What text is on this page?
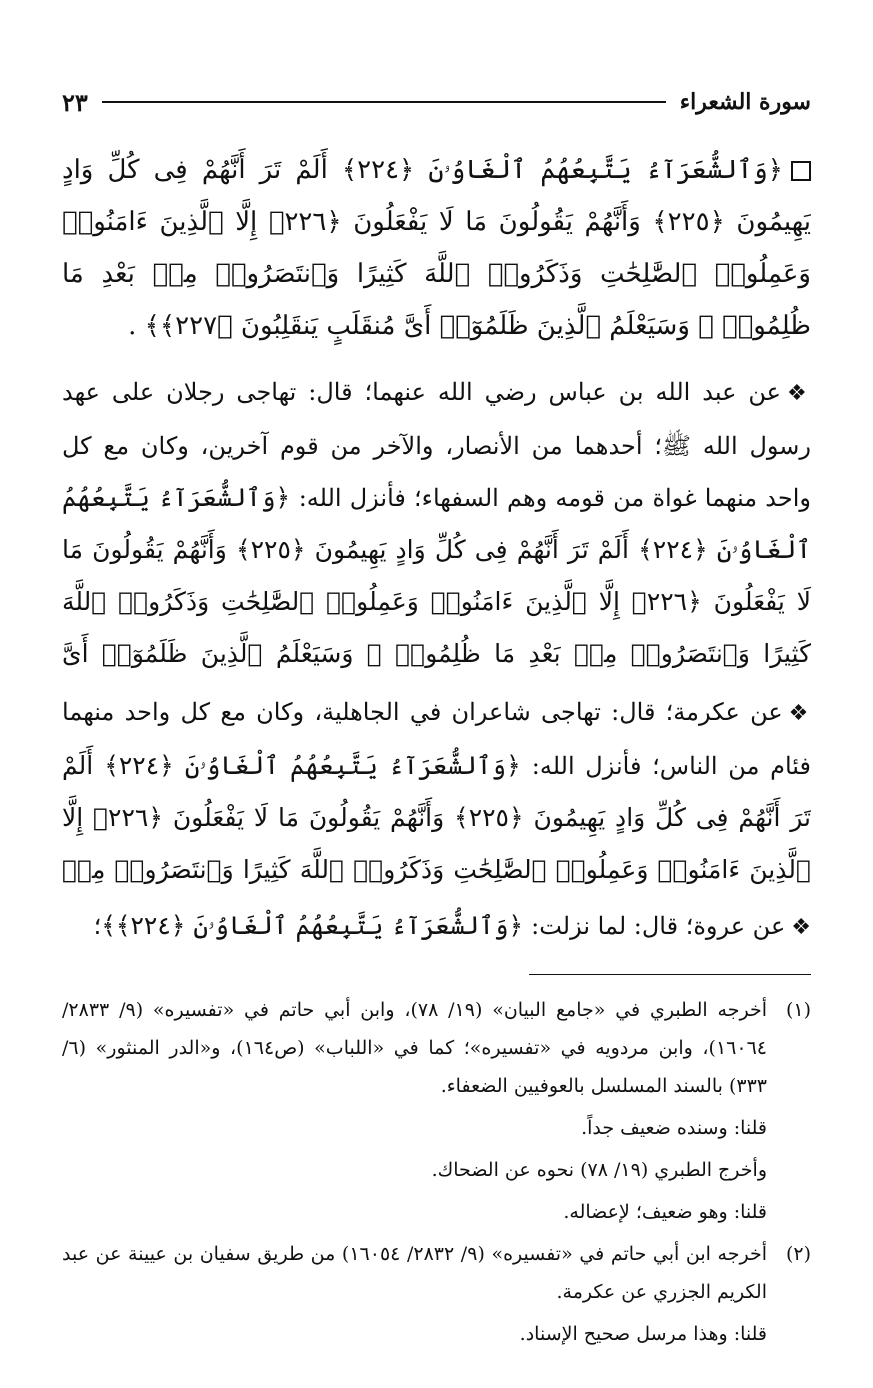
سورة الشعراء
٢٣
﴿وَٱلشُّعَرَآءُ يَتَّبِعُهُمُ ٱلْغَاوُۥنَ ﴿٢٢٤﴾ أَلَمْ تَرَ أَنَّهُمْ فِى كُلِّ وَادٍ يَهِيمُونَ ﴿٢٢٥﴾ وَأَنَّهُمْ يَقُولُونَ مَا لَا يَفْعَلُونَ ﴿٢٢٦﴾ إِلَّا ٱلَّذِينَ ءَامَنُوا۟ وَعَمِلُوا۟ ٱلصَّٰلِحَٰتِ وَذَكَرُوا۟ ٱللَّهَ كَثِيرًا وَٱنتَصَرُوا۟ مِنۢ بَعْدِ مَا ظُلِمُوا۟ ۗ وَسَيَعْلَمُ ٱلَّذِينَ ظَلَمُوٓا۟ أَىَّ مُنقَلَبٍ يَنقَلِبُونَ ﴿٢٢٧﴾﴾ .
❖عن عبد الله بن عباس رضي الله عنهما؛ قال: تهاجى رجلان على عهد رسول الله ﷺ؛ أحدهما من الأنصار، والآخر من قوم آخرين، وكان مع كل واحد منهما غواة من قومه وهم السفهاء؛ فأنزل الله: ﴿وَٱلشُّعَرَآءُ يَتَّبِعُهُمُ ٱلْغَاوُۥنَ ﴿٢٢٤﴾ أَلَمْ تَرَ أَنَّهُمْ فِى كُلِّ وَادٍ يَهِيمُونَ ﴿٢٢٥﴾ وَأَنَّهُمْ يَقُولُونَ مَا لَا يَفْعَلُونَ ﴿٢٢٦﴾ إِلَّا ٱلَّذِينَ ءَامَنُوا۟ وَعَمِلُوا۟ ٱلصَّٰلِحَٰتِ وَذَكَرُوا۟ ٱللَّهَ كَثِيرًا وَٱنتَصَرُوا۟ مِنۢ بَعْدِ مَا ظُلِمُوا۟ ۗ وَسَيَعْلَمُ ٱلَّذِينَ ظَلَمُوٓا۟ أَىَّ
❖عن عكرمة؛ قال: تهاجى شاعران في الجاهلية، وكان مع كل واحد منهما فئام من الناس؛ فأنزل الله: ﴿وَٱلشُّعَرَآءُ يَتَّبِعُهُمُ ٱلْغَاوُۥنَ ﴿٢٢٤﴾ أَلَمْ تَرَ أَنَّهُمْ فِى كُلِّ وَادٍ يَهِيمُونَ ﴿٢٢٥﴾ وَأَنَّهُمْ يَقُولُونَ مَا لَا يَفْعَلُونَ ﴿٢٢٦﴾ إِلَّا ٱلَّذِينَ ءَامَنُوا۟ وَعَمِلُوا۟ ٱلصَّٰلِحَٰتِ وَذَكَرُوا۟ ٱللَّهَ كَثِيرًا وَٱنتَصَرُوا۟ مِنۢ
❖عن عروة؛ قال: لما نزلت: ﴿وَٱلشُّعَرَآءُ يَتَّبِعُهُمُ ٱلْغَاوُۥنَ ﴿٢٢٤﴾﴾؛
(١)
أخرجه الطبري في «جامع البيان» (١٩/ ٧٨)، وابن أبي حاتم في «تفسيره» (٩/ ٢٨٣٣/ ١٦٠٦٤)، وابن مردويه في «تفسيره»؛ كما في «اللباب» (ص١٦٤)، و«الدر المنثور» (٦/ ٣٣٣) بالسند المسلسل بالعوفيين الضعفاء.
قلنا: وسنده ضعيف جداً.
وأخرج الطبري (١٩/ ٧٨) نحوه عن الضحاك.
قلنا: وهو ضعيف؛ لإعضاله.
(٢)
أخرجه ابن أبي حاتم في «تفسيره» (٩/ ٢٨٣٢/ ١٦٠٥٤) من طريق سفيان بن عيينة عن عبد الكريم الجزري عن عكرمة.
قلنا: وهذا مرسل صحيح الإسناد.
